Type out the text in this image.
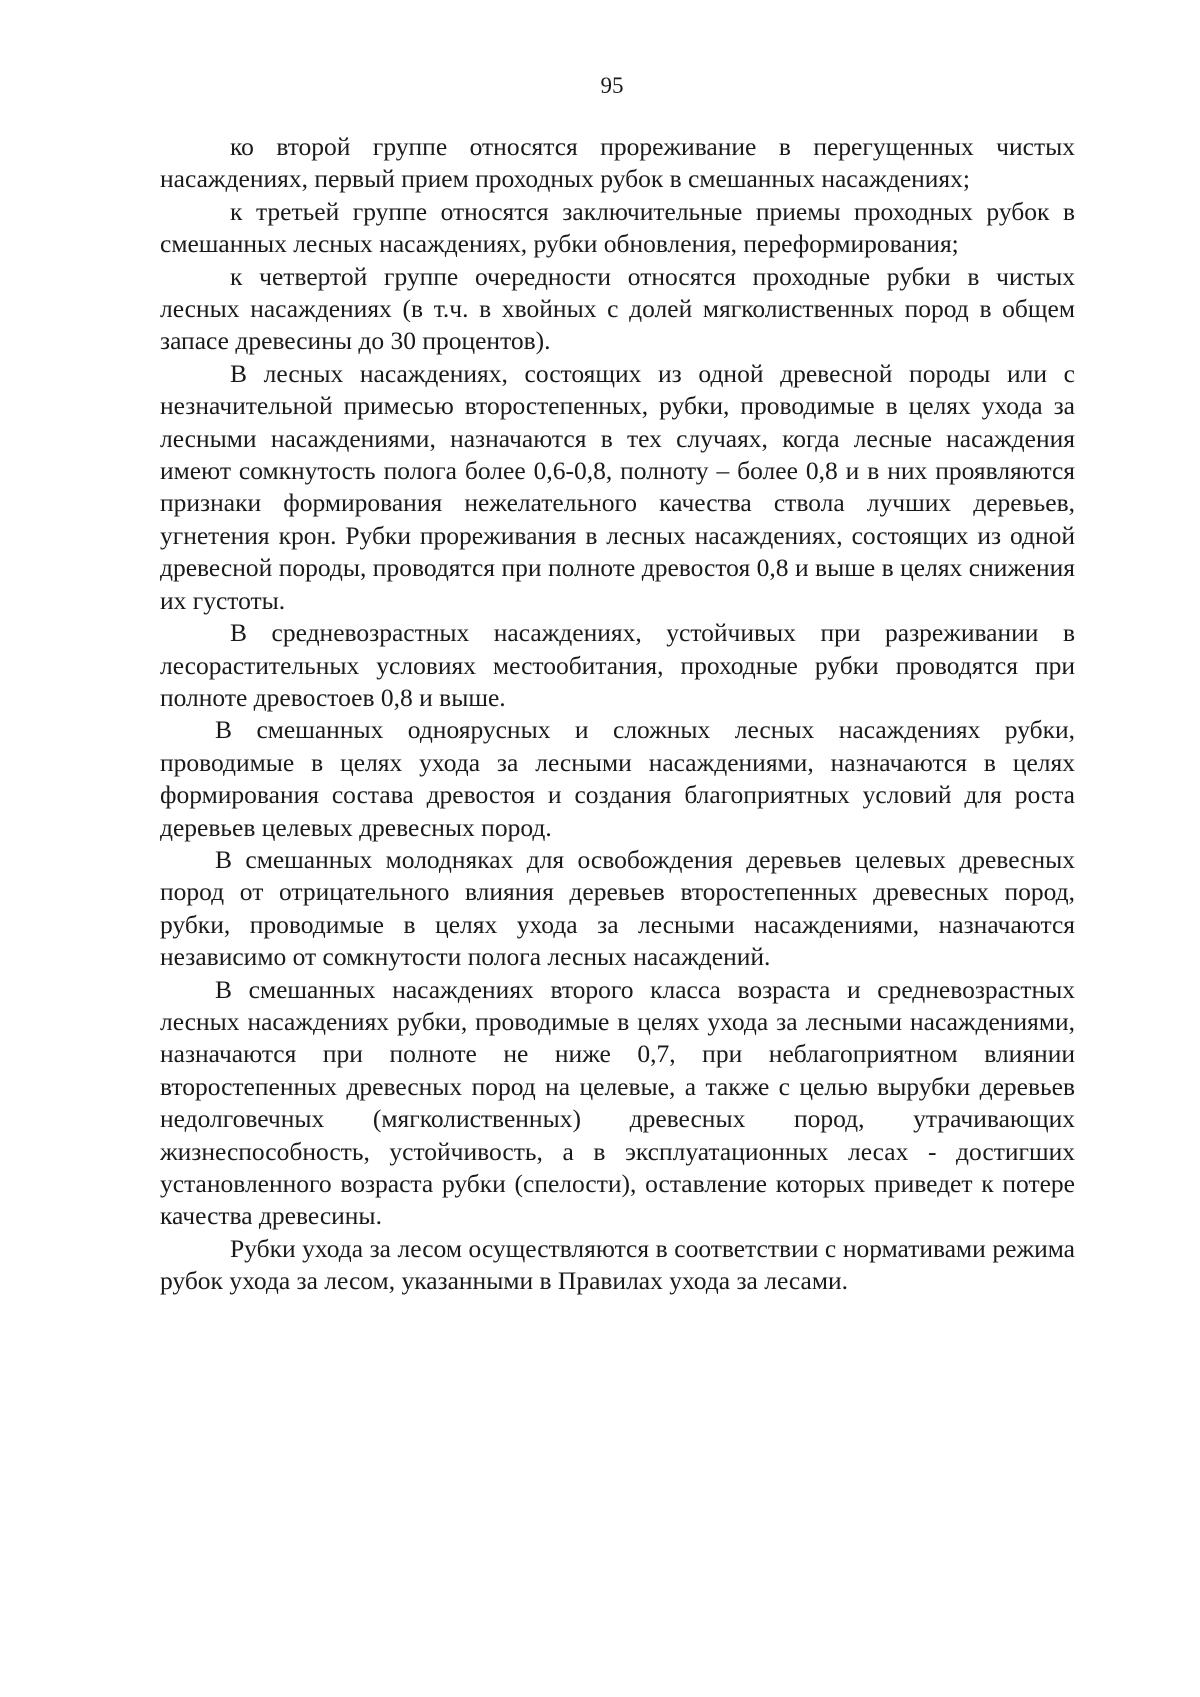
95

ко второй группе относятся прореживание в перегущенных чистых насаждениях, первый прием проходных рубок в смешанных насаждениях;

к третьей группе относятся заключительные приемы проходных рубок в смешанных лесных насаждениях, рубки обновления, переформирования;

к четвертой группе очередности относятся проходные рубки в чистых лесных насаждениях (в т.ч. в хвойных с долей мягколиственных пород в общем запасе древесины до 30 процентов).

В лесных насаждениях, состоящих из одной древесной породы или с незначительной примесью второстепенных, рубки, проводимые в целях ухода за лесными насаждениями, назначаются в тех случаях, когда лесные насаждения имеют сомкнутость полога более 0,6-0,8, полноту – более 0,8 и в них проявляются признаки формирования нежелательного качества ствола лучших деревьев, угнетения крон. Рубки прореживания в лесных насаждениях, состоящих из одной древесной породы, проводятся при полноте древостоя 0,8 и выше в целях снижения их густоты.

В средневозрастных насаждениях, устойчивых при разреживании в лесорастительных условиях местообитания, проходные рубки проводятся при полноте древостоев 0,8 и выше.

В смешанных одноярусных и сложных лесных насаждениях рубки, проводимые в целях ухода за лесными насаждениями, назначаются в целях формирования состава древостоя и создания благоприятных условий для роста деревьев целевых древесных пород.

В смешанных молодняках для освобождения деревьев целевых древесных пород от отрицательного влияния деревьев второстепенных древесных пород, рубки, проводимые в целях ухода за лесными насаждениями, назначаются независимо от сомкнутости полога лесных насаждений.

В смешанных насаждениях второго класса возраста и средневозрастных лесных насаждениях рубки, проводимые в целях ухода за лесными насаждениями, назначаются при полноте не ниже 0,7, при неблагоприятном влиянии второстепенных древесных пород на целевые, а также с целью вырубки деревьев недолговечных (мягколиственных) древесных пород, утрачивающих жизнеспособность, устойчивость, а в эксплуатационных лесах - достигших установленного возраста рубки (спелости), оставление которых приведет к потере качества древесины.

Рубки ухода за лесом осуществляются в соответствии с нормативами режима рубок ухода за лесом, указанными в Правилах ухода за лесами.
